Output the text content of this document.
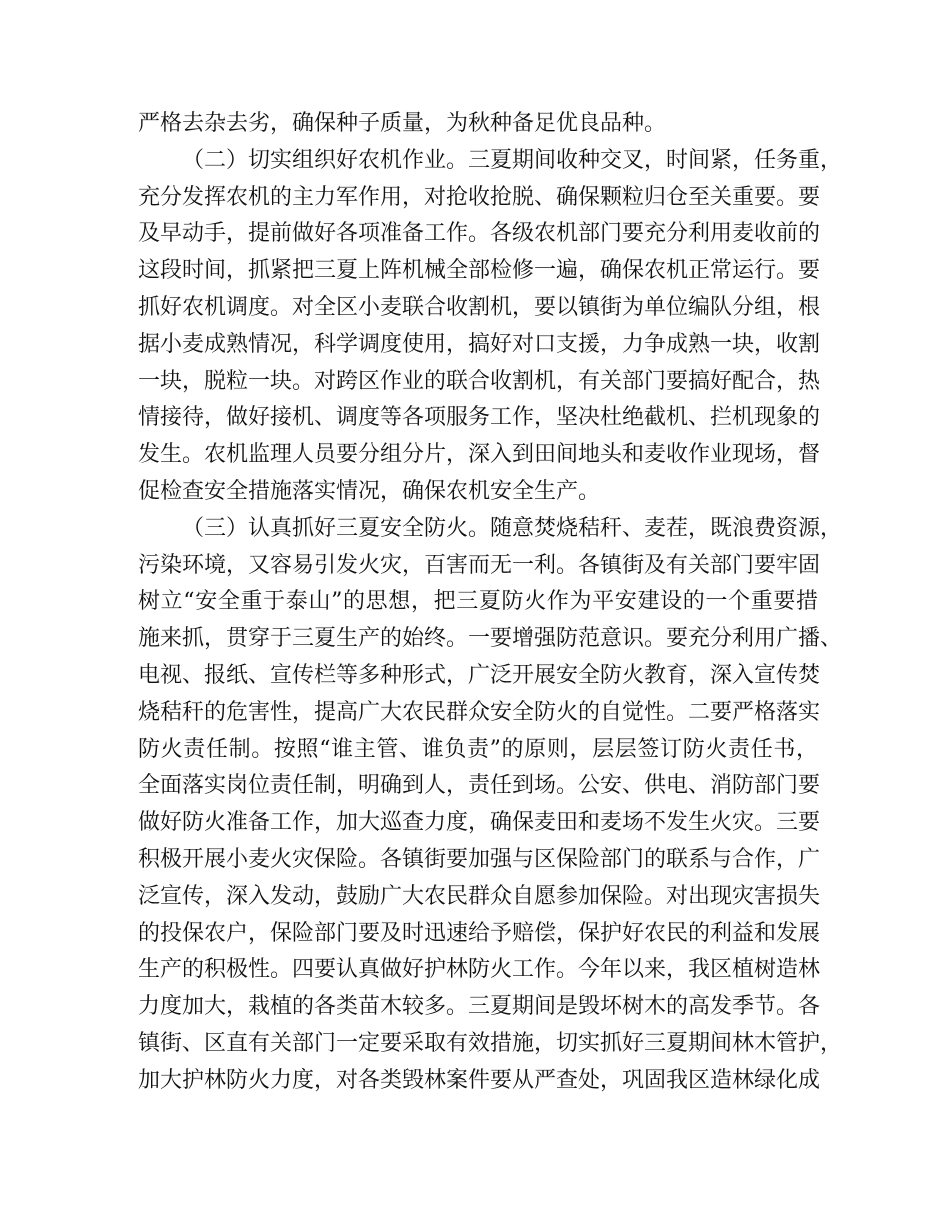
严格去杂去劣，确保种子质量，为秋种备足优良品种。
（二）切实组织好农机作业。三夏期间收种交叉，时间紧，任务重，
充分发挥农机的主力军作用，对抢收抢脱、确保颗粒归仓至关重要。要
及早动手，提前做好各项准备工作。各级农机部门要充分利用麦收前的
这段时间，抓紧把三夏上阵机械全部检修一遍，确保农机正常运行。要
抓好农机调度。对全区小麦联合收割机，要以镇街为单位编队分组，根
据小麦成熟情况，科学调度使用，搞好对口支援，力争成熟一块，收割
一块，脱粒一块。对跨区作业的联合收割机，有关部门要搞好配合，热
情接待，做好接机、调度等各项服务工作，坚决杜绝截机、拦机现象的
发生。农机监理人员要分组分片，深入到田间地头和麦收作业现场，督
促检查安全措施落实情况，确保农机安全生产。
（三）认真抓好三夏安全防火。随意焚烧秸秆、麦茬，既浪费资源，
污染环境，又容易引发火灾，百害而无一利。各镇街及有关部门要牢固
树立“安全重于泰山”的思想，把三夏防火作为平安建设的一个重要措
施来抓，贯穿于三夏生产的始终。一要增强防范意识。要充分利用广播、
电视、报纸、宣传栏等多种形式，广泛开展安全防火教育，深入宣传焚
烧秸秆的危害性，提高广大农民群众安全防火的自觉性。二要严格落实
防火责任制。按照“谁主管、谁负责”的原则，层层签订防火责任书，
全面落实岗位责任制，明确到人，责任到场。公安、供电、消防部门要
做好防火准备工作，加大巡查力度，确保麦田和麦场不发生火灾。三要
积极开展小麦火灾保险。各镇街要加强与区保险部门的联系与合作，广
泛宣传，深入发动，鼓励广大农民群众自愿参加保险。对出现灾害损失
的投保农户，保险部门要及时迅速给予赔偿，保护好农民的利益和发展
生产的积极性。四要认真做好护林防火工作。今年以来，我区植树造林
力度加大，栽植的各类苗木较多。三夏期间是毁坏树木的高发季节。各
镇街、区直有关部门一定要采取有效措施，切实抓好三夏期间林木管护，
加大护林防火力度，对各类毁林案件要从严查处，巩固我区造林绿化成
